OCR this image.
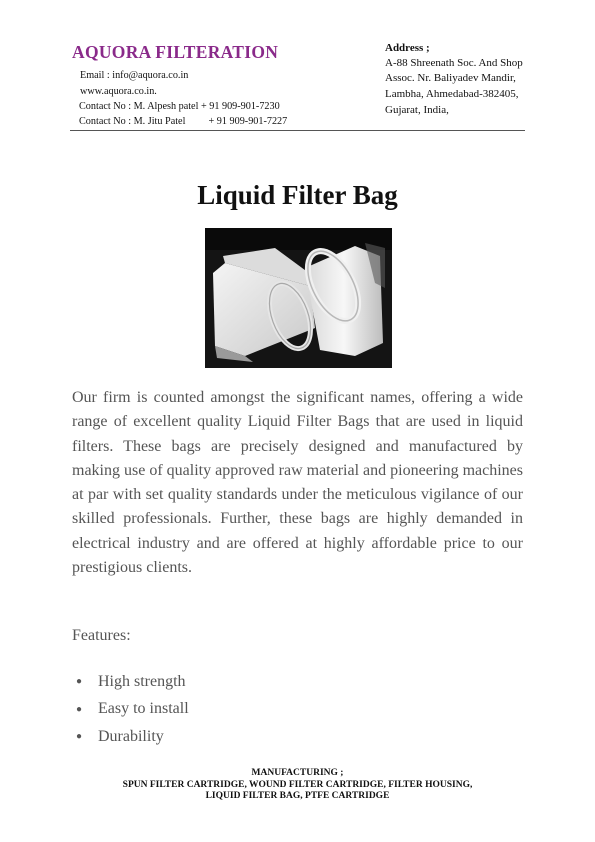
AQUORA FILTERATION
Email : info@aquora.co.in
www.aquora.co.in.
Contact No : M. Alpesh patel + 91 909-901-7230
Contact No : M. Jitu Patel + 91 909-901-7227
Address ;
A-88 Shreenath Soc. And Shop
Assoc. Nr. Baliyadev Mandir,
Lambha, Ahmedabad-382405,
Gujarat, India,
Liquid Filter Bag
Our firm is counted amongst the significant names, offering a wide range of excellent quality Liquid Filter Bags that are used in liquid filters. These bags are precisely designed and manufactured by making use of quality approved raw material and pioneering machines at par with set quality standards under the meticulous vigilance of our skilled professionals. Further, these bags are highly demanded in electrical industry and are offered at highly affordable price to our prestigious clients.
Features:
● High strength
● Easy to install
● Durability
MANUFACTURING ;
SPUN FILTER CARTRIDGE, WOUND FILTER CARTRIDGE, FILTER HOUSING,
LIQUID FILTER BAG, PTFE CARTRIDGE
